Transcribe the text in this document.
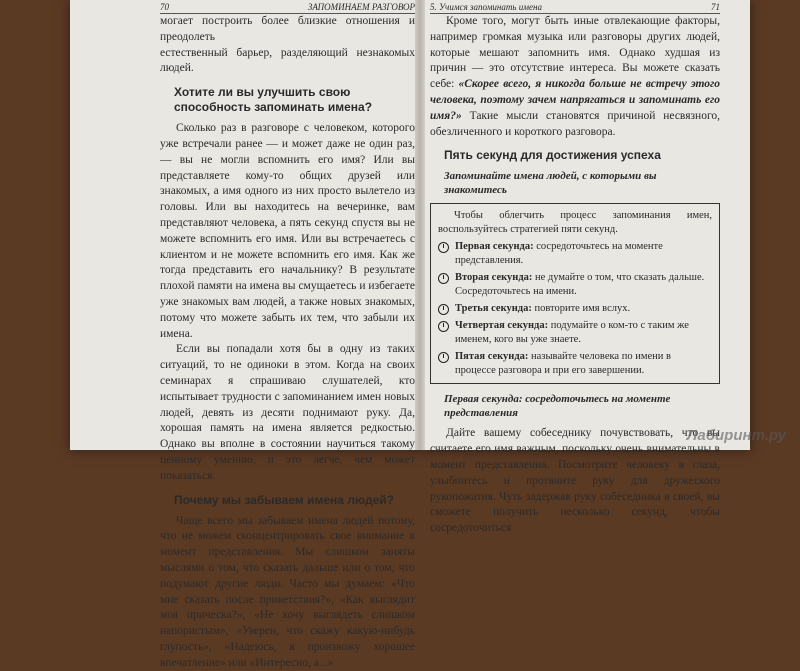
70	ЗАПОМИНАЕМ РАЗГОВОР

могает построить более близкие отношения и преодолеть

естественный барьер, разделяющий незнакомых людей.

Хотите ли вы улучшить свою способность запоминать имена?

Сколько раз в разговоре с человеком, которого уже встречали ранее — и может даже не один раз, — вы не могли вспомнить его имя? Или вы представляете кому-то общих друзей или знакомых, а имя одного из них просто вылетело из головы. Или вы находитесь на вечеринке, вам представляют человека, а пять секунд спустя вы не можете вспомнить его имя. Или вы встречаетесь с клиентом и не можете вспомнить его имя. Как же тогда представить его начальнику? В результате плохой памяти на имена вы смущаетесь и избегаете уже знакомых вам людей, а также новых знакомых, потому что можете забыть их тем, что забыли их имена.

Если вы попадали хотя бы в одну из таких ситуаций, то не одиноки в этом. Когда на своих семинарах я спрашиваю слушателей, кто испытывает трудности с запоминанием имен новых людей, девять из десяти поднимают руку. Да, хорошая память на имена является редкостью. Однако вы вполне в состоянии научиться такому ценному умению, и это легче, чем может показаться.

Почему мы забываем имена людей?

Чаще всего мы забываем имена людей потому, что не можем сконцентрировать свое внимание в момент представления. Мы слишком заняты мыслями о том, что сказать дальше или о том, что подумают другие люди. Часто мы думаем: «Что мне сказать после приветствия?», «Как выглядит моя прическа?», «Не хочу выглядеть слишком напористым», «Уверен, что скажу какую-нибудь глупость», «Надеюсь, я произвожу хорошее впечатление» или «Интересно, а...»

5. Учимся запоминать имена	71

Кроме того, могут быть иные отвлекающие факторы, например громкая музыка или разговоры других людей, которые мешают запомнить имя. Однако худшая из причин — это отсутствие интереса. Вы можете сказать себе: «Скорее всего, я никогда больше не встречу этого человека, поэтому зачем напрягаться и запоминать его имя?» Такие мысли становятся причиной несвязного, обезличенного и короткого разговора.

Пять секунд для достижения успеха
Запоминайте имена людей, с которыми вы знакомитесь

Чтобы облегчить процесс запоминания имен, воспользуйтесь стратегией пяти секунд.

Первая секунда: сосредоточьтесь на моменте представления.
Вторая секунда: не думайте о том, что сказать дальше. Сосредоточьтесь на имени.
Третья секунда: повторите имя вслух.
Четвертая секунда: подумайте о ком-то с таким же именем, кого вы уже знаете.
Пятая секунда: называйте человека по имени в процессе разговора и при его завершении.
Первая секунда: сосредоточьтесь на моменте представления

Дайте вашему собеседнику почувствовать, что вы считаете его имя важным, поскольку очень внимательны в момент представления. Посмотрите человеку в глаза, улыбнитесь и протяните руку для дружеского рукопожатия. Чуть задержав руку собеседника в своей, вы сможете получить несколько секунд, чтобы сосредоточиться

Лабиринт.ру
